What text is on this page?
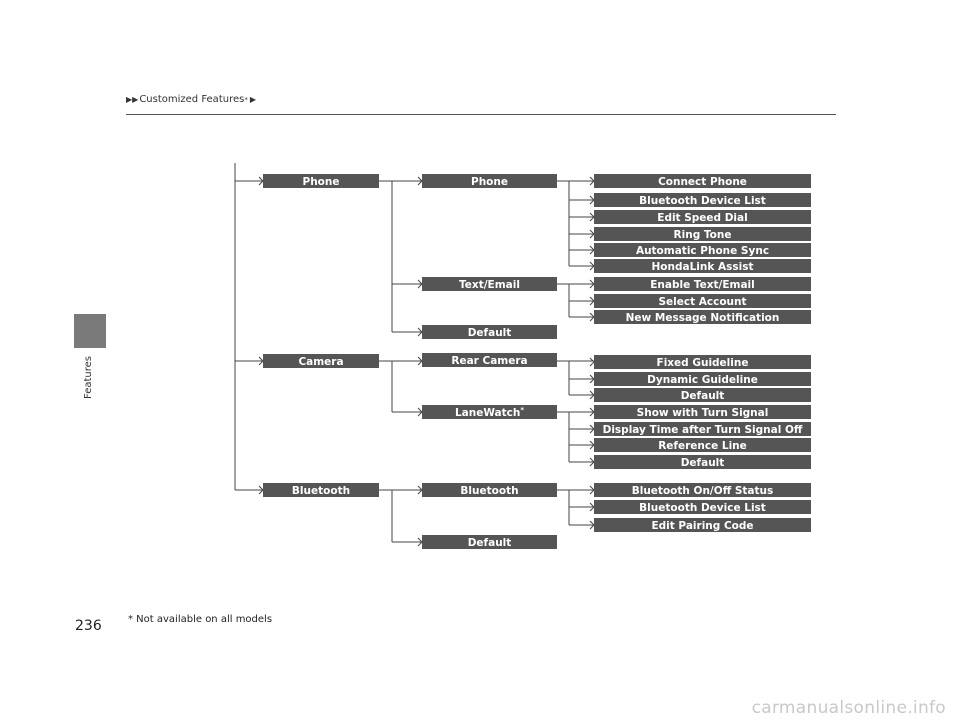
▶▶ Customized Features * ▶
Features
Phone	Phone	Connect Phone
Bluetooth Device List
Edit Speed Dial
Ring Tone
Automatic Phone Sync
HondaLink Assist
Text/Email	Enable Text/Email
Select Account
New Message Notification
Default
Camera	Rear Camera	Fixed Guideline
Dynamic Guideline
Default
LaneWatch*	Show with Turn Signal
Display Time after Turn Signal Off
Reference Line
Default
Bluetooth	Bluetooth	Bluetooth On/Off Status
Bluetooth Device List
Edit Pairing Code
Default
236	* Not available on all models
carmanualsonline.info
